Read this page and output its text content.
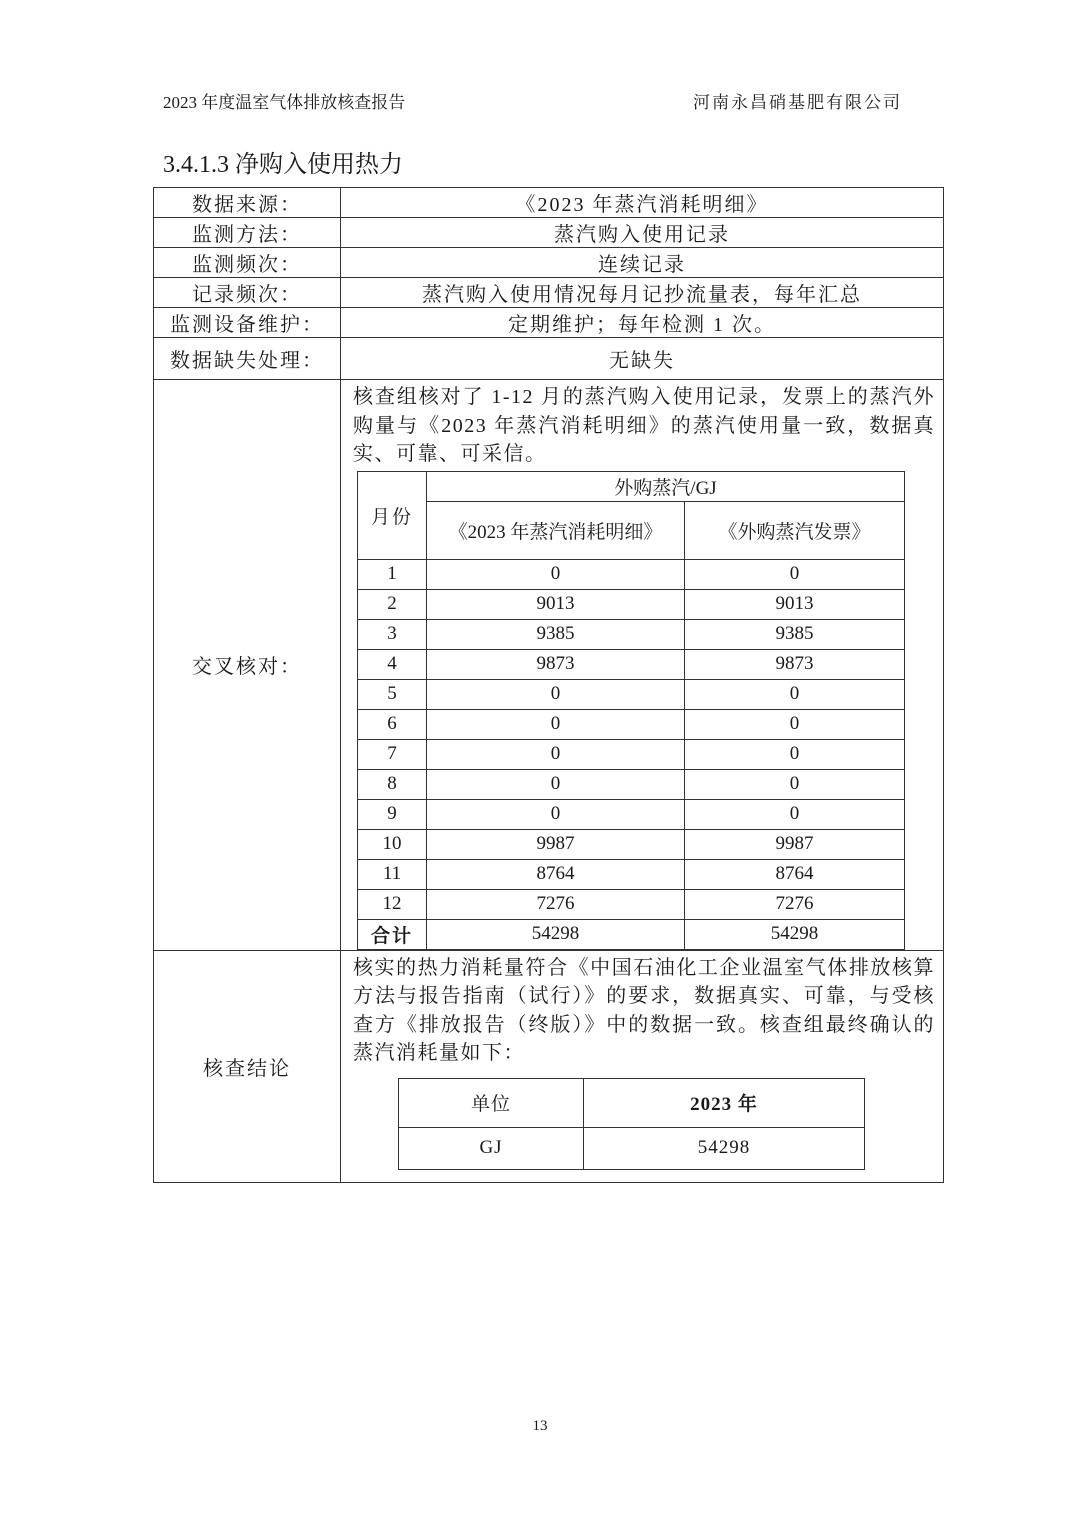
2023 年度温室气体排放核查报告	河南永昌硝基肥有限公司
3.4.1.3 净购入使用热力
数据来源：	《2023 年蒸汽消耗明细》
监测方法：	蒸汽购入使用记录
监测频次：	连续记录
记录频次：	蒸汽购入使用情况每月记抄流量表，每年汇总
监测设备维护：	定期维护；每年检测 1 次。
数据缺失处理：	无缺失
交叉核对：	
核查组核对了 1-12 月的蒸汽购入使用记录，发票上的蒸汽外购量与《2023 年蒸汽消耗明细》的蒸汽使用量一致，数据真实、可靠、可采信。
月份	外购蒸汽/GJ
《2023 年蒸汽消耗明细》	《外购蒸汽发票》
1	0	0
2	9013	9013
3	9385	9385
4	9873	9873
5	0	0
6	0	0
7	0	0
8	0	0
9	0	0
10	9987	9987
11	8764	8764
12	7276	7276
合计	54298	54298

核查结论	
核实的热力消耗量符合《中国石油化工企业温室气体排放核算方法与报告指南（试行）》的要求，数据真实、可靠，与受核查方《排放报告（终版）》中的数据一致。核查组最终确认的蒸汽消耗量如下：
单位	2023 年
GJ	54298
13
